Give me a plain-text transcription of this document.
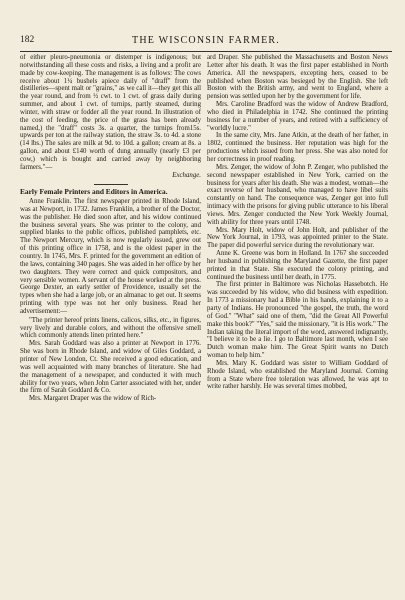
182	THE WISCONSIN FARMER.

of either pleuro-pneumonia or distemper is indigenous; but notwithstanding all these costs and risks, a living and a profit are made by cow-keeping. The management is as follows: The cows receive about 1¼ bushels apiece daily of "draff" from the distilleries—spent malt or "grains," as we call it—they get this all the year round, and from ½ cwt. to 1 cwt. of grass daily during summer, and about 1 cwt. of turnips, partly steamed, during winter, with straw or fodder all the year round. In illustration of the cost of feeding, the price of the grass has been already named,) the "draff" costs 3s. a quarter, the turnips from15s. upwards per ton at the railway station, the straw 3s. to 4d. a stone (14 lbs.) The sales are milk at 9d. to 10d. a gallon; cream at 8s. a gallon, and about £140 worth of dung annually (nearly £3 per cow,) which is bought and carried away by neighboring farmers."—

Exchange.

Early Female Printers and Editors in America.

Anne Franklin. The first newspaper printed in Rhode Island, was at Newport, in 1732. James Franklin, a brother of the Doctor, was the publisher. He died soon after, and his widow continued the business several years. She was printer to the colony, and supplied blanks to the public offices, published pamphlets, etc. The Newport Mercury, which is now regularly issued, grew out of this printing office in 1758, and is the oldest paper in the country. In 1745, Mrs. F. printed for the government an edition of the laws, containing 340 pages. She was aided in her office by her two daughters. They were correct and quick compositors, and very sensible women. A servant of the house worked at the press. George Dexter, an early settler of Providence, usually set the types when she had a large job, or an almanac to get out. It seems printing with type was not her only business. Read her advertisement:—

"The printer hereof prints linens, calicos, silks, etc., in figures, very lively and durable colors, and without the offensive smell which commonly attends linen printed here."

Mrs. Sarah Goddard was also a printer at Newport in 1776. She was born in Rhode Island, and widow of Giles Goddard, a printer of New London, Ct. She received a good education, and was well acquainted with many branches of literature. She had the management of a newspaper, and conducted it with much ability for two years, when John Carter associated with her, under the firm of Sarah Goddard & Co.

Mrs. Margaret Draper was the widow of Rich-

ard Draper. She published the Massachusetts and Boston News Letter after his death. It was the first paper established in North America. All the newspapers, excepting hers, ceased to be published when Boston was besieged by the English. She left Boston with the British army, and went to England, where a pension was settled upon her by the government for life.

Mrs. Caroline Bradford was the widow of Andrew Bradford, who died in Philadelphia in 1742. She continued the printing business for a number of years, and retired with a sufficiency of "worldly lucre."

In the same city, Mrs. Jane Atkin, at the death of her father, in 1802, continued the business. Her reputation was high for the productions which issued from her press. She was also noted for her correctness in proof reading.

Mrs. Zenger, the widow of John P. Zenger, who published the second newspaper established in New York, carried on the business for years after his death. She was a modest, woman—the exact reverse of her husband, who managed to have libel suits constantly on hand. The consequence was, Zenger got into full intimacy with the prisons for giving public utterance to his liberal views. Mrs. Zenger conducted the New York Weekly Journal, with ability for three years until 1748.

Mrs. Mary Holt, widow of John Holt, and publisher of the New York Journal, in 1793, was appointed printer to the State. The paper did powerful service during the revolutionary war.

Anne K. Greene was born in Holland. In 1767 she succeeded her husband in publishing the Maryland Gazette, the first paper printed in that State. She executed the colony printing, and continued the business until her death, in 1775.

The first printer in Baltimore was Nicholas Hassebotch. He was succeeded by his widow, who did business with expedition. In 1773 a missionary had a Bible in his hands, explaining it to a party of Indians. He pronounced "the gospel, the truth, the word of God." "What" said one of them, "did the Great All Powerful make this book?" "Yes," said the missionary, "it is His work." The Indian taking the literal import of the word, answered indignantly, "I believe it to be a lie. I go to Baltimore last month, when I see Dutch woman make him. The Great Spirit wants no Dutch woman to help him."

Mrs. Mary K. Goddard was sister to William Goddard of Rhode Island, who established the Maryland Journal. Coming from a State where free toleration was allowed, he was apt to write rather harshly. He was several times mobbed,
